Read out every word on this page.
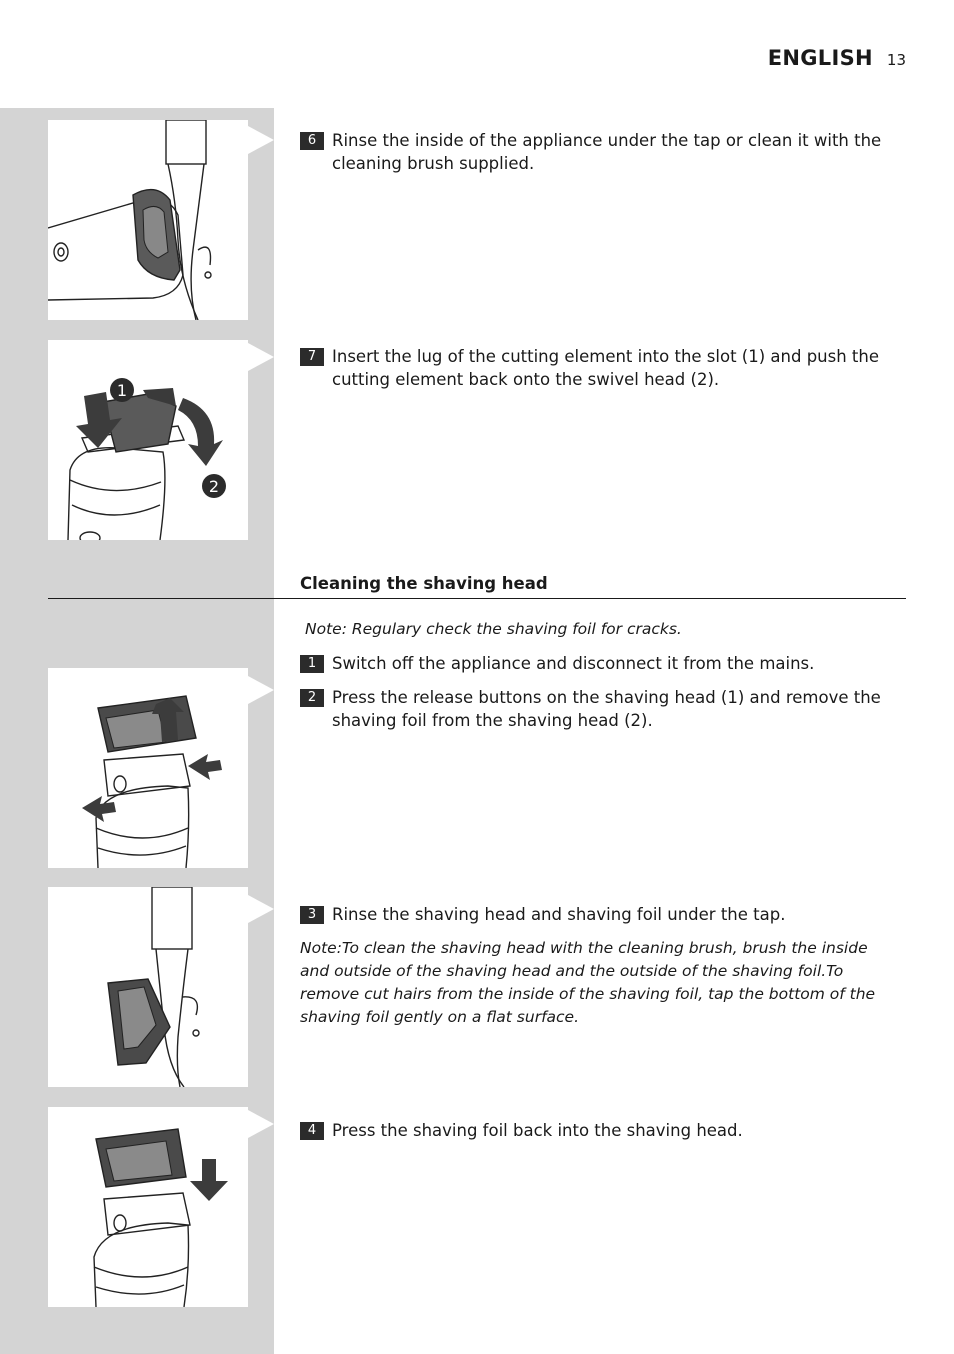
ENGLISH 13
1
2
6 Rinse the inside of the appliance under the tap or clean it with the cleaning brush supplied.
7 Insert the lug of the cutting element into the slot (1) and push the cutting element back onto the swivel head (2).
Cleaning the shaving head
Note: Regulary check the shaving foil for cracks.
1 Switch off the appliance and disconnect it from the mains.
2 Press the release buttons on the shaving head (1) and remove the shaving foil from the shaving head (2).
3 Rinse the shaving head and shaving foil under the tap.
Note:To clean the shaving head with the cleaning brush, brush the inside and outside of the shaving head and the outside of the shaving foil.To remove cut hairs from the inside of the shaving foil, tap the bottom of the shaving foil gently on a flat surface.
4 Press the shaving foil back into the shaving head.
